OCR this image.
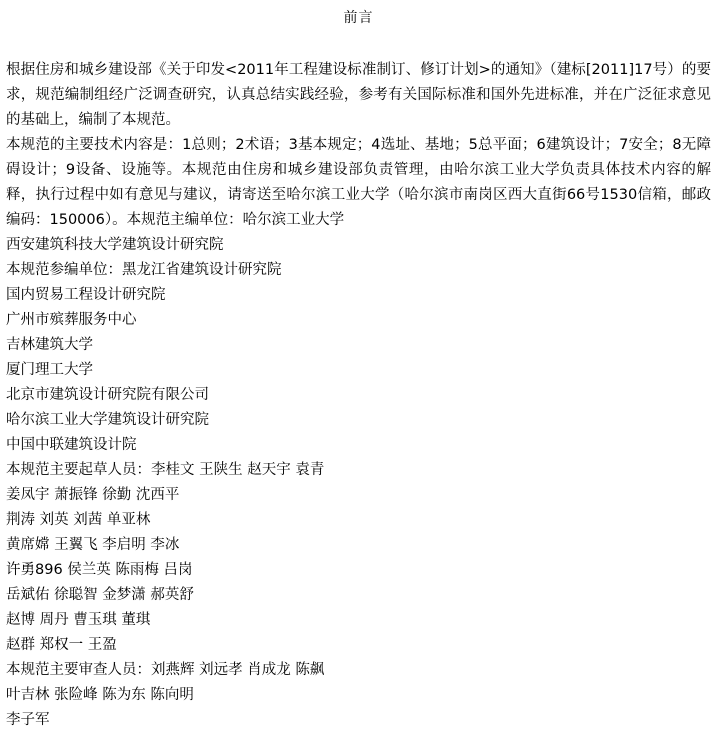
前言

根据住房和城乡建设部《关于印发<2011年工程建设标准制订、修订计划>的通知》（建标[2011]17号）的要求，规范编制组经广泛调查研究，认真总结实践经验，参考有关国际标准和国外先进标准，并在广泛征求意见的基础上，编制了本规范。

本规范的主要技术内容是：1总则；2术语；3基本规定；4选址、基地；5总平面；6建筑设计；7安全；8无障碍设计；9设备、设施等。本规范由住房和城乡建设部负责管理，由哈尔滨工业大学负责具体技术内容的解释，执行过程中如有意见与建议，请寄送至哈尔滨工业大学（哈尔滨市南岗区西大直街66号1530信箱，邮政编码：150006）。本规范主编单位：哈尔滨工业大学

西安建筑科技大学建筑设计研究院

本规范参编单位：黑龙江省建筑设计研究院

国内贸易工程设计研究院

广州市殡葬服务中心

吉林建筑大学

厦门理工大学

北京市建筑设计研究院有限公司

哈尔滨工业大学建筑设计研究院

中国中联建筑设计院

本规范主要起草人员：李桂文 王陕生 赵天宇 袁青

姜凤宇 萧振锋 徐勤 沈西平

荆涛 刘英 刘茜 单亚林

黄席嫦 王翼飞 李启明 李冰

许勇896 侯兰英 陈雨梅 吕岗

岳斌佑 徐聪智 金梦潇 郝英舒

赵博 周丹 曹玉琪 董琪

赵群 郑权一 王盈

本规范主要审查人员：刘燕辉 刘远孝 肖成龙 陈飙

叶吉林 张险峰 陈为东 陈向明

李子军
